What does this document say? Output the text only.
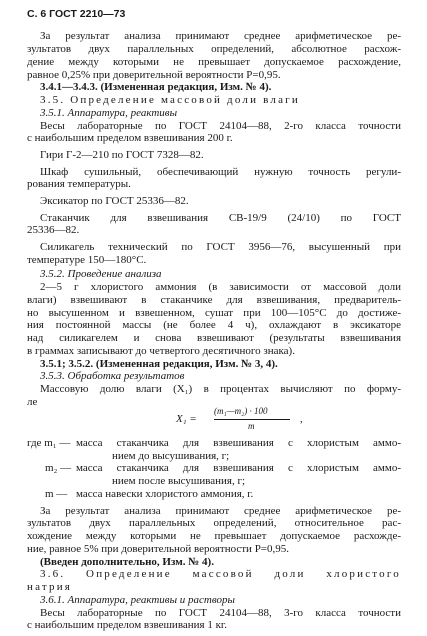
С. 6 ГОСТ 2210—73

За результат анализа принимают среднее арифметическое ре-

зультатов двух параллельных определений, абсолютное расхож-

дение между которыми не превышает допускаемое расхождение,

равное 0,25% при доверительной вероятности P=0,95.

3.4.1—3.4.3. (Измененная редакция, Изм. № 4).

3.5. Определение массовой доли влаги

3.5.1. Аппаратура, реактивы

Весы лабораторные по ГОСТ 24104—88, 2-го класса точности

с наибольшим пределом взвешивания 200 г.

Гири Г-2—210 по ГОСТ 7328—82.

Шкаф сушильный, обеспечивающий нужную точность регули-

рования температуры.

Эксикатор по ГОСТ 25336—82.

Стаканчик для взвешивания СВ-19/9 (24/10) по ГОСТ

25336—82.

Силикагель технический по ГОСТ 3956—76, высушенный при

температуре 150—180°С.

3.5.2. Проведение анализа

2—5 г хлористого аммония (в зависимости от массовой доли

влаги) взвешивают в стаканчике для взвешивания, предваритель-

но высушенном и взвешенном, сушат при 100—105°С до достиже-

ния постоянной массы (не более 4 ч), охлаждают в эксикаторе

над силикагелем и снова взвешивают (результаты взвешивания

в граммах записывают до четвертого десятичного знака).

3.5.1; 3.5.2. (Измененная редакция, Изм. № 3, 4).

3.5.3. Обработка результатов

Массовую долю влаги (X₁) в процентах вычисляют по форму-

ле

X₁ =
(m₁—m₂) · 100
m
,
где m₁ — масса стаканчика для взвешивания с хлористым аммо-
нием до высушивания, г;
m₂ — масса стаканчика для взвешивания с хлористым аммо-
нием после высушивания, г;
m — масса навески хлористого аммония, г.

За результат анализа принимают среднее арифметическое ре-

зультатов двух параллельных определений, относительное рас-

хождение между которыми не превышает допускаемое расхожде-

ние, равное 5% при доверительной вероятности P=0,95.

(Введен дополнительно, Изм. № 4).

3.6. Определение массовой доли хлористого

натрия

3.6.1. Аппаратура, реактивы и растворы

Весы лабораторные по ГОСТ 24104—88, 3-го класса точности

с наибольшим пределом взвешивания 1 кг.
